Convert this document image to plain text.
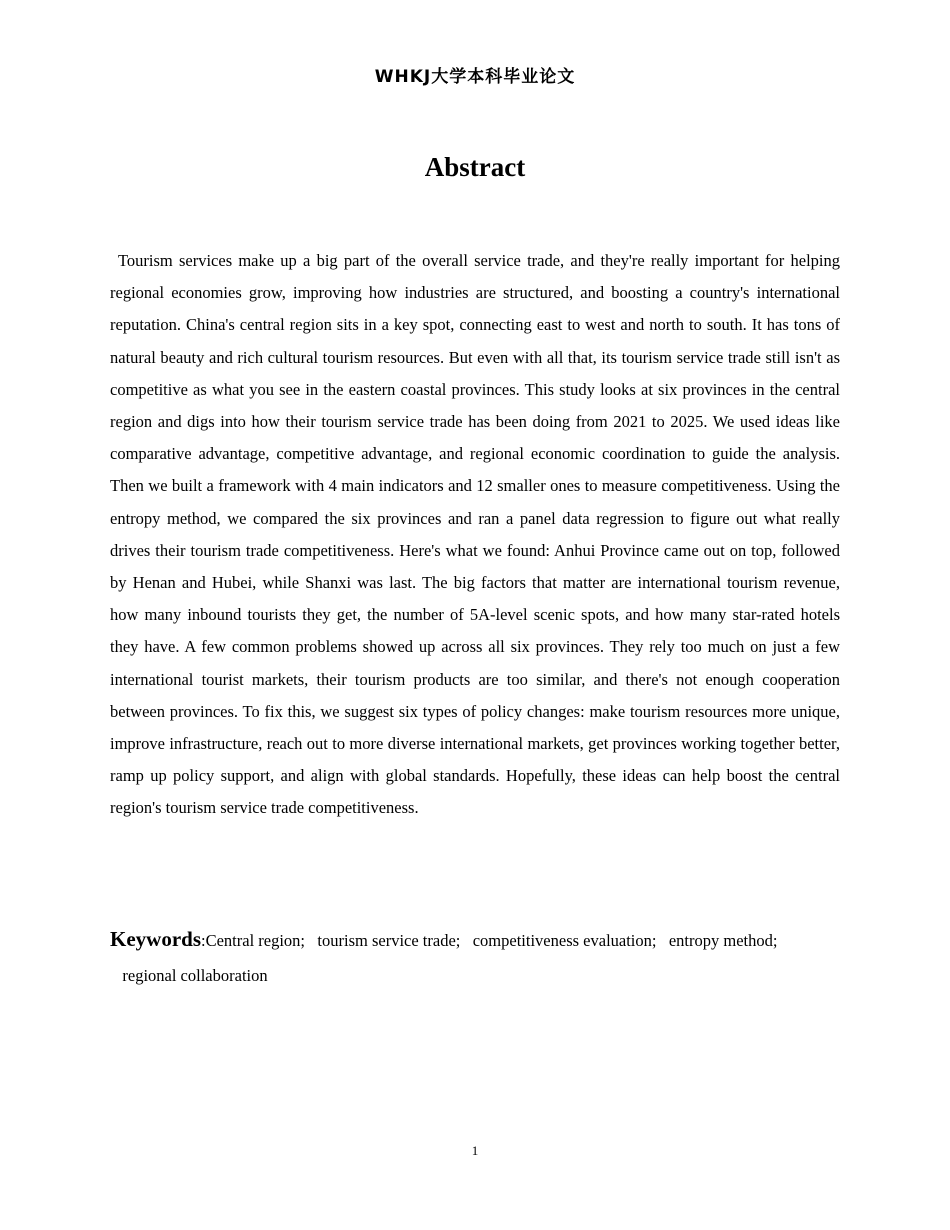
WHKJ大学本科毕业论文
Abstract

Tourism services make up a big part of the overall service trade, and they're really important for helping regional economies grow, improving how industries are structured, and boosting a country's international reputation. China's central region sits in a key spot, connecting east to west and north to south. It has tons of natural beauty and rich cultural tourism resources. But even with all that, its tourism service trade still isn't as competitive as what you see in the eastern coastal provinces. This study looks at six provinces in the central region and digs into how their tourism service trade has been doing from 2021 to 2025. We used ideas like comparative advantage, competitive advantage, and regional economic coordination to guide the analysis. Then we built a framework with 4 main indicators and 12 smaller ones to measure competitiveness. Using the entropy method, we compared the six provinces and ran a panel data regression to figure out what really drives their tourism trade competitiveness. Here's what we found: Anhui Province came out on top, followed by Henan and Hubei, while Shanxi was last. The big factors that matter are international tourism revenue, how many inbound tourists they get, the number of 5A-level scenic spots, and how many star-rated hotels they have. A few common problems showed up across all six provinces. They rely too much on just a few international tourist markets, their tourism products are too similar, and there's not enough cooperation between provinces. To fix this, we suggest six types of policy changes: make tourism resources more unique, improve infrastructure, reach out to more diverse international markets, get provinces working together better, ramp up policy support, and align with global standards. Hopefully, these ideas can help boost the central region's tourism service trade competitiveness.

Keywords:Central region; tourism service trade; competitiveness evaluation; entropy method;   regional collaboration

1
